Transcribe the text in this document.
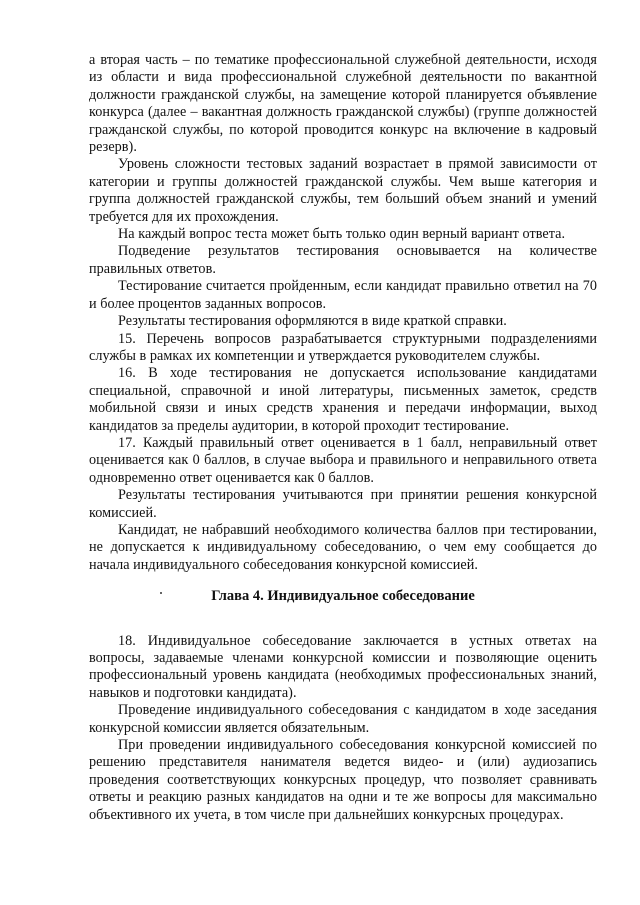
а вторая часть – по тематике профессиональной служебной деятельности, исходя из области и вида профессиональной служебной деятельности по вакантной должности гражданской службы, на замещение которой планируется объявление конкурса (далее – вакантная должность гражданской службы) (группе должностей гражданской службы, по которой проводится конкурс на включение в кадровый резерв).

Уровень сложности тестовых заданий возрастает в прямой зависимости от категории и группы должностей гражданской службы. Чем выше категория и группа должностей гражданской службы, тем больший объем знаний и умений требуется для их прохождения.

На каждый вопрос теста может быть только один верный вариант ответа.

Подведение результатов тестирования основывается на количестве правильных ответов.

Тестирование считается пройденным, если кандидат правильно ответил на 70 и более процентов заданных вопросов.

Результаты тестирования оформляются в виде краткой справки.

15. Перечень вопросов разрабатывается структурными подразделениями службы в рамках их компетенции и утверждается руководителем службы.

16. В ходе тестирования не допускается использование кандидатами специальной, справочной и иной литературы, письменных заметок, средств мобильной связи и иных средств хранения и передачи информации, выход кандидатов за пределы аудитории, в которой проходит тестирование.

17. Каждый правильный ответ оценивается в 1 балл, неправильный ответ оценивается как 0 баллов, в случае выбора и правильного и неправильного ответа одновременно ответ оценивается как 0 баллов.

Результаты тестирования учитываются при принятии решения конкурсной комиссией.

Кандидат, не набравший необходимого количества баллов при тестировании, не допускается к индивидуальному собеседованию, о чем ему сообщается до начала индивидуального собеседования конкурсной комиссией.

Глава 4. Индивидуальное собеседование

18. Индивидуальное собеседование заключается в устных ответах на вопросы, задаваемые членами конкурсной комиссии и позволяющие оценить профессиональный уровень кандидата (необходимых профессиональных знаний, навыков и подготовки кандидата).

Проведение индивидуального собеседования с кандидатом в ходе заседания конкурсной комиссии является обязательным.

При проведении индивидуального собеседования конкурсной комиссией по решению представителя нанимателя ведется видео- и (или) аудиозапись проведения соответствующих конкурсных процедур, что позволяет сравнивать ответы и реакцию разных кандидатов на одни и те же вопросы для максимально объективного их учета, в том числе при дальнейших конкурсных процедурах.
